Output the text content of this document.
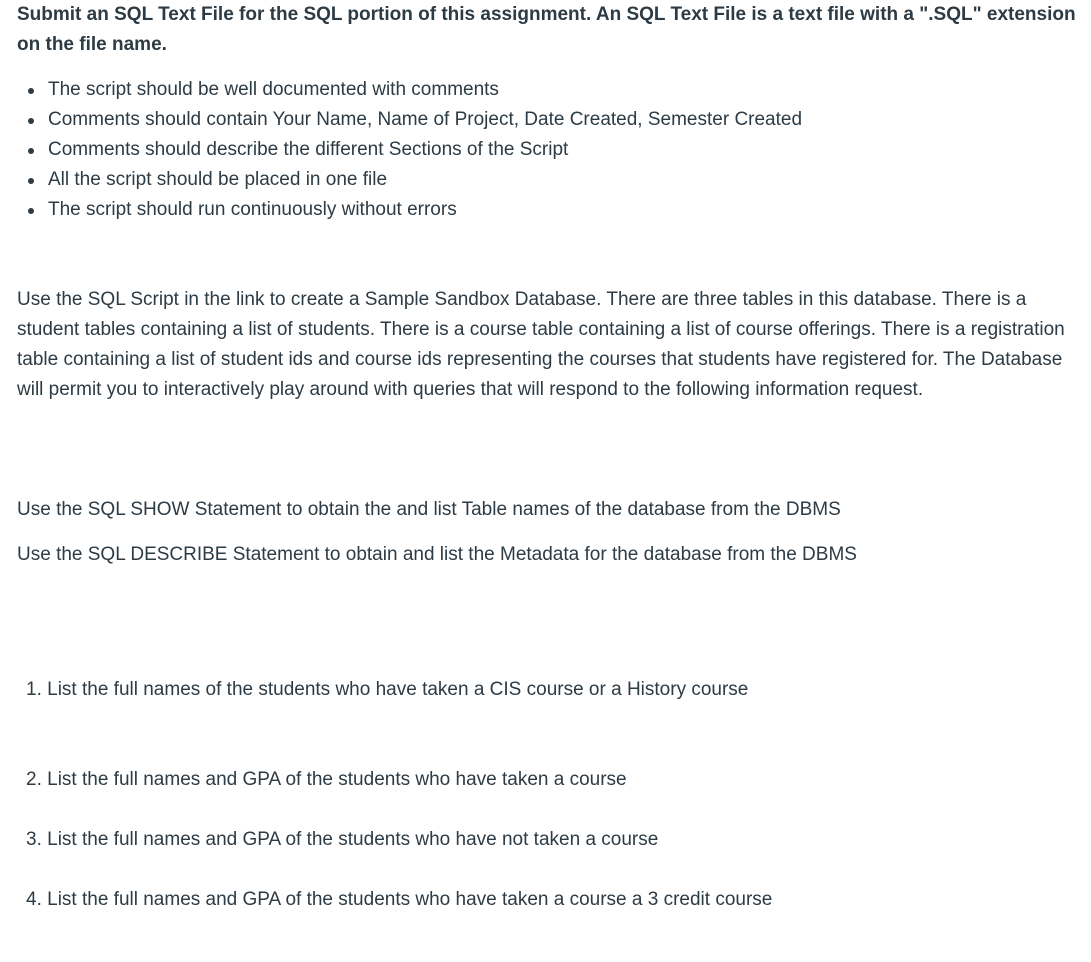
Submit an SQL Text File for the SQL portion of this assignment. An SQL Text File is a text file with a ".SQL" extension on the file name.

The script should be well documented with comments
Comments should contain Your Name, Name of Project, Date Created, Semester Created
Comments should describe the different Sections of the Script
All the script should be placed in one file
The script should run continuously without errors

Use the SQL Script in the link to create a Sample Sandbox Database. There are three tables in this database. There is a student tables containing a list of students. There is a course table containing a list of course offerings. There is a registration table containing a list of student ids and course ids representing the courses that students have registered for. The Database will permit you to interactively play around with queries that will respond to the following information request.

Use the SQL SHOW Statement to obtain the and list Table names of the database from the DBMS

Use the SQL DESCRIBE Statement to obtain and list the Metadata for the database from the DBMS

1. List the full names of the students who have taken a CIS course or a History course

2. List the full names and GPA of the students who have taken a course

3. List the full names and GPA of the students who have not taken a course

4. List the full names and GPA of the students who have taken a course a 3 credit course
